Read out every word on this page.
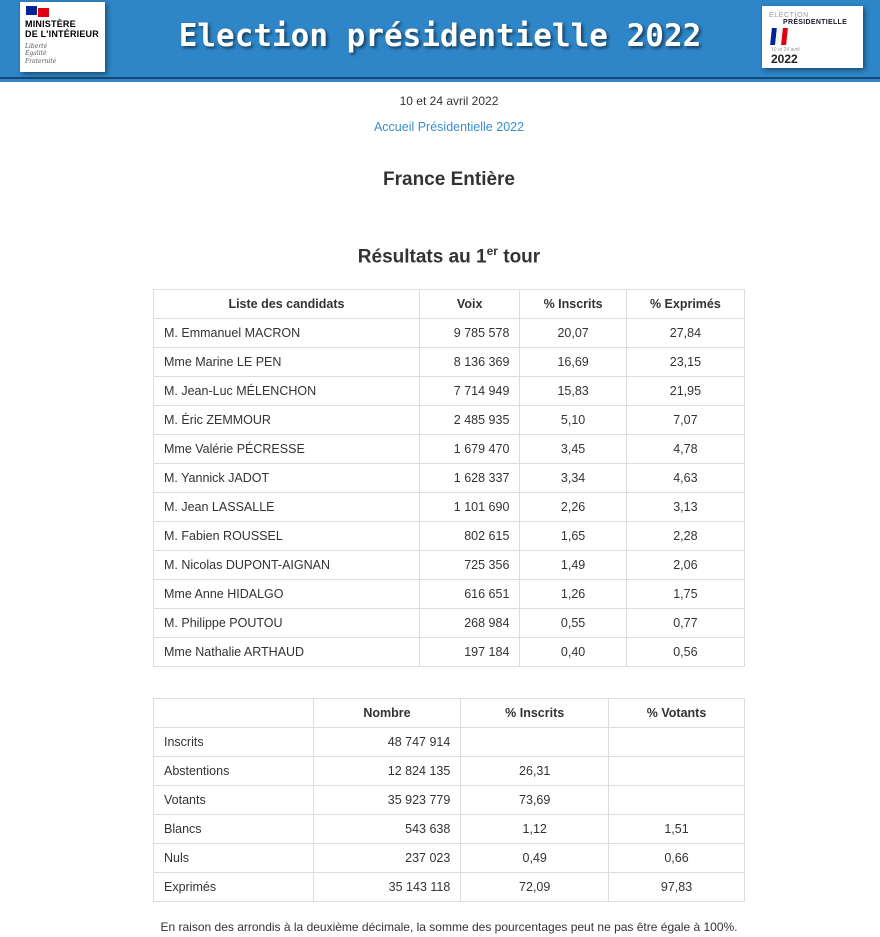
MINISTÈRE
DE L'INTÉRIEUR
Liberté
Égalité
Fraternité
Election présidentielle 2022
ÉLECTION
PRÉSIDENTIELLE
10 et 24 avril
2022
10 et 24 avril 2022
Accueil Présidentielle 2022
France Entière
Résultats au 1er tour
Liste des candidats	Voix	% Inscrits	% Exprimés
M. Emmanuel MACRON	9 785 578	20,07	27,84
Mme Marine LE PEN	8 136 369	16,69	23,15
M. Jean-Luc MÉLENCHON	7 714 949	15,83	21,95
M. Éric ZEMMOUR	2 485 935	5,10	7,07
Mme Valérie PÉCRESSE	1 679 470	3,45	4,78
M. Yannick JADOT	1 628 337	3,34	4,63
M. Jean LASSALLE	1 101 690	2,26	3,13
M. Fabien ROUSSEL	802 615	1,65	2,28
M. Nicolas DUPONT-AIGNAN	725 356	1,49	2,06
Mme Anne HIDALGO	616 651	1,26	1,75
M. Philippe POUTOU	268 984	0,55	0,77
Mme Nathalie ARTHAUD	197 184	0,40	0,56
	Nombre	% Inscrits	% Votants
Inscrits	48 747 914		
Abstentions	12 824 135	26,31	
Votants	35 923 779	73,69	
Blancs	543 638	1,12	1,51
Nuls	237 023	0,49	0,66
Exprimés	35 143 118	72,09	97,83
En raison des arrondis à la deuxième décimale, la somme des pourcentages peut ne pas être égale à 100%.
